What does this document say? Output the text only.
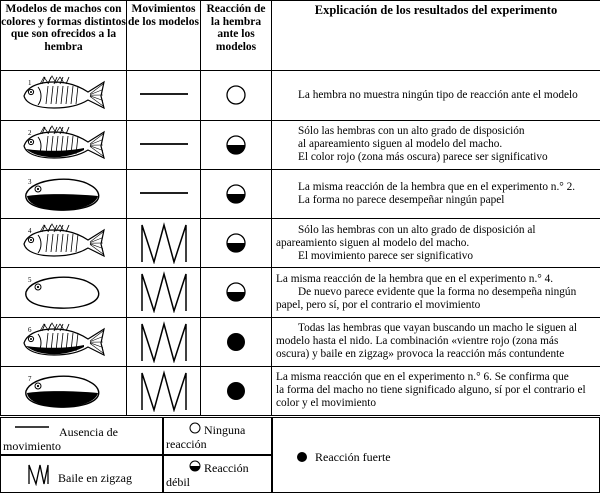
Modelos de machos con colores y formas distintos que son ofrecidos a la hembra	Movimientos de los modelos	Reacción de la hembra ante los modelos	Explicación de los resultados del experimento

1			La hembra no muestra ningún tipo de reacción ante el modelo

2			Sólo las hembras con un alto grado de disposición
al apareamiento siguen al modelo del macho.
El color rojo (zona más oscura) parece ser significativo

3			La misma reacción de la hembra que en el experimento n.° 2.
La forma no parece desempeñar ningún papel

4			Sólo las hembras con un alto grado de disposición al
apareamiento siguen al modelo del macho.
El movimiento parece ser significativo

5			La misma reacción de la hembra que en el experimento n.° 4.
De nuevo parece evidente que la forma no desempeña ningún
papel, pero sí, por el contrario el movimiento

6			Todas las hembras que vayan buscando un macho le siguen al
modelo hasta el nido. La combinación «vientre rojo (zona más
oscura) y baile en zigzag» provoca la reacción más contundente

7			La misma reacción que en el experimento n.° 6. Se confirma que
la forma del macho no tiene significado alguno, sí por el contrario el
color y el movimiento
Ausencia de movimiento
Baile en zigzag
Ninguna reacción
Reacción débil
Reacción fuerte
